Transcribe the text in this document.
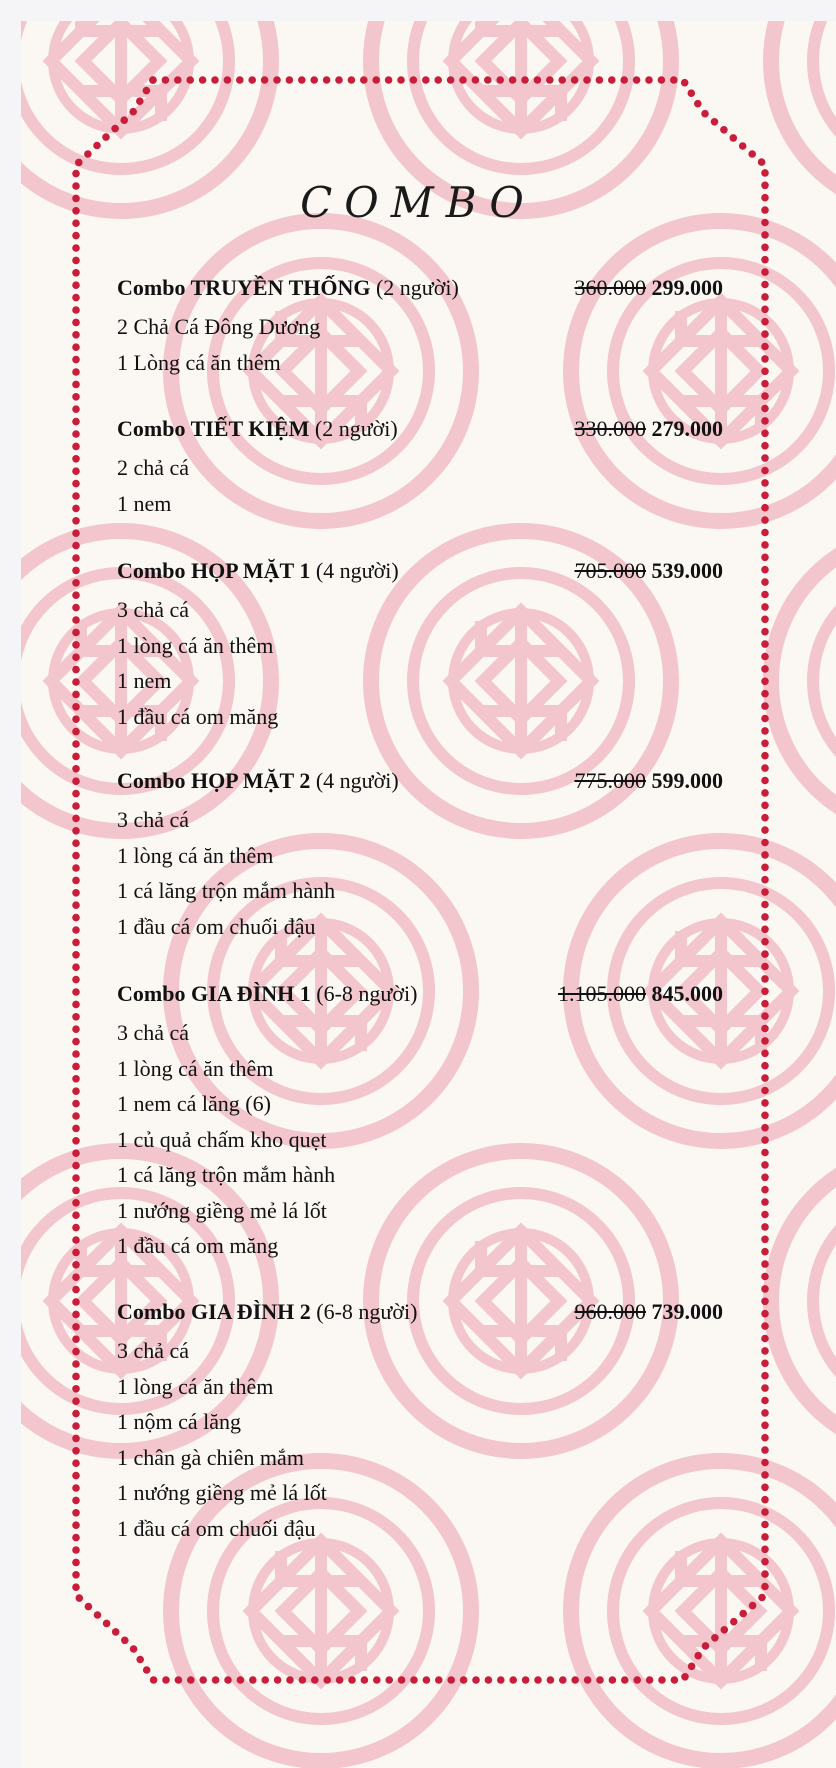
COMBO
Combo TRUYỀN THỐNG (2 người)	360.000 299.000
2 Chả Cá Đông Dương
1 Lòng cá ăn thêm
Combo TIẾT KIỆM (2 người)	330.000 279.000
2 chả cá
1 nem
Combo HỌP MẶT 1 (4 người)	705.000 539.000
3 chả cá
1 lòng cá ăn thêm
1 nem
1 đầu cá om măng
Combo HỌP MẶT 2 (4 người)	775.000 599.000
3 chả cá
1 lòng cá ăn thêm
1 cá lăng trộn mắm hành
1 đầu cá om chuối đậu
Combo GIA ĐÌNH 1 (6-8 người)	1.105.000 845.000
3 chả cá
1 lòng cá ăn thêm
1 nem cá lăng (6)
1 củ quả chấm kho quẹt
1 cá lăng trộn mắm hành
1 nướng giềng mẻ lá lốt
1 đầu cá om măng
Combo GIA ĐÌNH 2 (6-8 người)	960.000 739.000
3 chả cá
1 lòng cá ăn thêm
1 nộm cá lăng
1 chân gà chiên mắm
1 nướng giềng mẻ lá lốt
1 đầu cá om chuối đậu
